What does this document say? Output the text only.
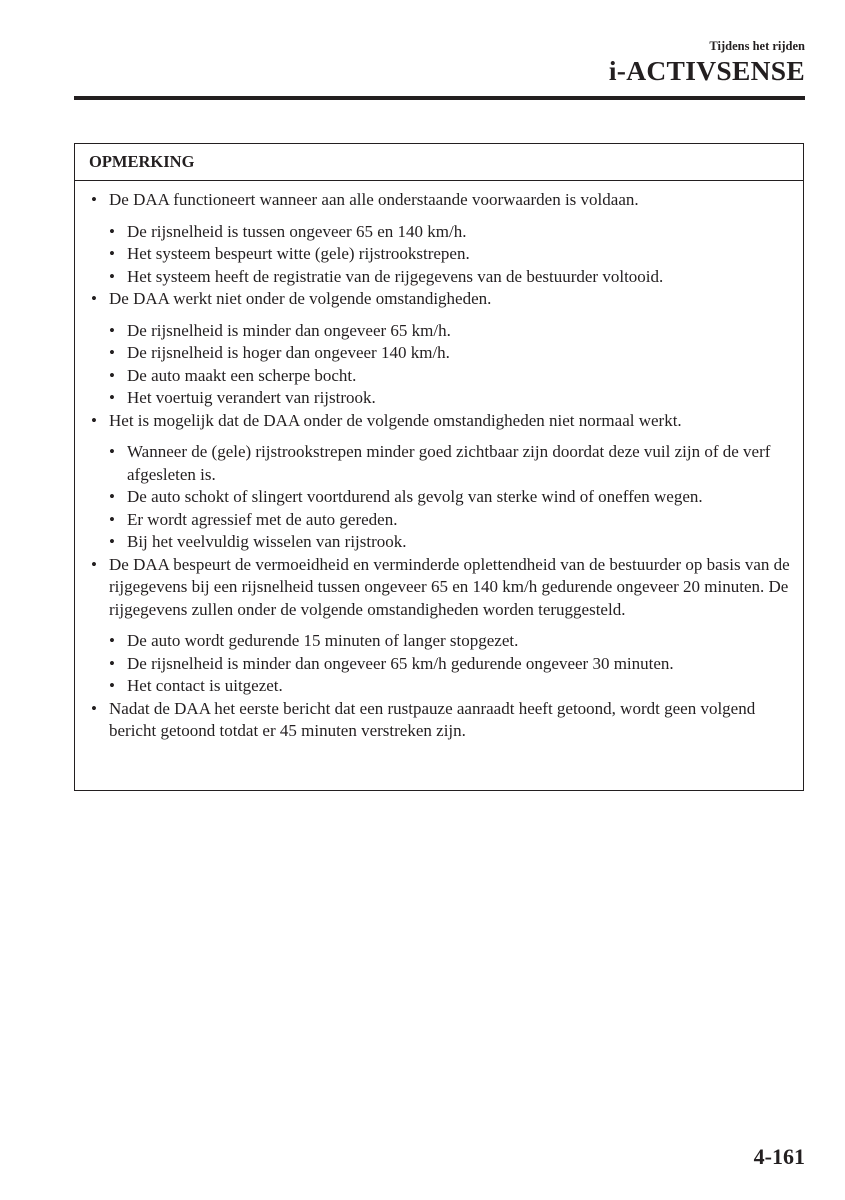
Tijdens het rijden
i-ACTIVSENSE
OPMERKING
• De DAA functioneert wanneer aan alle onderstaande voorwaarden is voldaan.
• De rijsnelheid is tussen ongeveer 65 en 140 km/h.
• Het systeem bespeurt witte (gele) rijstrookstrepen.
• Het systeem heeft de registratie van de rijgegevens van de bestuurder voltooid.
• De DAA werkt niet onder de volgende omstandigheden.
• De rijsnelheid is minder dan ongeveer 65 km/h.
• De rijsnelheid is hoger dan ongeveer 140 km/h.
• De auto maakt een scherpe bocht.
• Het voertuig verandert van rijstrook.
• Het is mogelijk dat de DAA onder de volgende omstandigheden niet normaal werkt.
• Wanneer de (gele) rijstrookstrepen minder goed zichtbaar zijn doordat deze vuil zijn of de verf afgesleten is.
• De auto schokt of slingert voortdurend als gevolg van sterke wind of oneffen wegen.
• Er wordt agressief met de auto gereden.
• Bij het veelvuldig wisselen van rijstrook.
• De DAA bespeurt de vermoeidheid en verminderde oplettendheid van de bestuurder op basis van de rijgegevens bij een rijsnelheid tussen ongeveer 65 en 140 km/h gedurende ongeveer 20 minuten. De rijgegevens zullen onder de volgende omstandigheden worden teruggesteld.
• De auto wordt gedurende 15 minuten of langer stopgezet.
• De rijsnelheid is minder dan ongeveer 65 km/h gedurende ongeveer 30 minuten.
• Het contact is uitgezet.
• Nadat de DAA het eerste bericht dat een rustpauze aanraadt heeft getoond, wordt geen volgend bericht getoond totdat er 45 minuten verstreken zijn.
4-161
